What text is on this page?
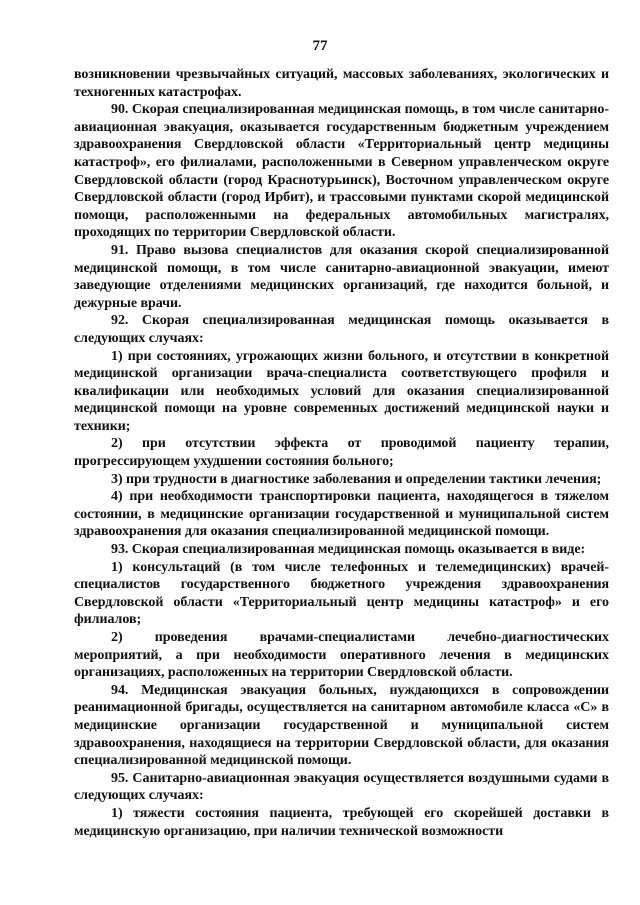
77

возникновении чрезвычайных ситуаций, массовых заболеваниях, экологических и техногенных катастрофах.

90. Скорая специализированная медицинская помощь, в том числе санитарно-авиационная эвакуация, оказывается государственным бюджетным учреждением здравоохранения Свердловской области «Территориальный центр медицины катастроф», его филиалами, расположенными в Северном управленческом округе Свердловской области (город Краснотурьинск), Восточном управленческом округе Свердловской области (город Ирбит), и трассовыми пунктами скорой медицинской помощи, расположенными на федеральных автомобильных магистралях, проходящих по территории Свердловской области.

91. Право вызова специалистов для оказания скорой специализированной медицинской помощи, в том числе санитарно-авиационной эвакуации, имеют заведующие отделениями медицинских организаций, где находится больной, и дежурные врачи.

92. Скорая специализированная медицинская помощь оказывается в следующих случаях:

1) при состояниях, угрожающих жизни больного, и отсутствии в конкретной медицинской организации врача-специалиста соответствующего профиля и квалификации или необходимых условий для оказания специализированной медицинской помощи на уровне современных достижений медицинской науки и техники;

2) при отсутствии эффекта от проводимой пациенту терапии, прогрессирующем ухудшении состояния больного;

3) при трудности в диагностике заболевания и определении тактики лечения;

4) при необходимости транспортировки пациента, находящегося в тяжелом состоянии, в медицинские организации государственной и муниципальной систем здравоохранения для оказания специализированной медицинской помощи.

93. Скорая специализированная медицинская помощь оказывается в виде:

1) консультаций (в том числе телефонных и телемедицинских) врачей-специалистов государственного бюджетного учреждения здравоохранения Свердловской области «Территориальный центр медицины катастроф» и его филиалов;

2) проведения врачами-специалистами лечебно-диагностических мероприятий, а при необходимости оперативного лечения в медицинских организациях, расположенных на территории Свердловской области.

94. Медицинская эвакуация больных, нуждающихся в сопровождении реанимационной бригады, осуществляется на санитарном автомобиле класса «С» в медицинские организации государственной и муниципальной систем здравоохранения, находящиеся на территории Свердловской области, для оказания специализированной медицинской помощи.

95. Санитарно-авиационная эвакуация осуществляется воздушными судами в следующих случаях:

1) тяжести состояния пациента, требующей его скорейшей доставки в медицинскую организацию, при наличии технической возможности
